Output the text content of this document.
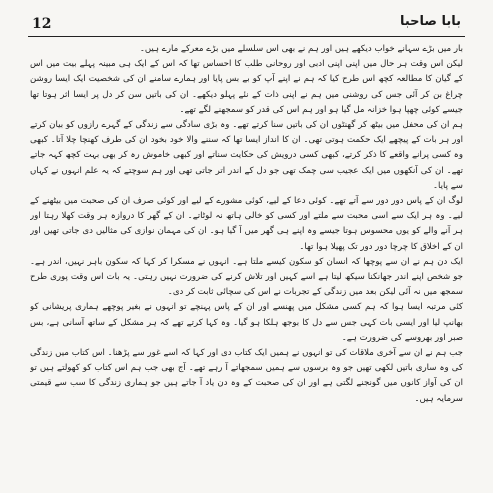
12	بابا صاحبا

بار میں بڑے سہانے خواب دیکھے ہیں اور ہم نے بھی اس سلسلے میں بڑے معرکے مارے ہیں۔

لیکن اس وقت ہر حال میں اپنی اپنی ادبی اور روحانی طلب کا احساس تھا کہ اس کے ایک ہی مبینہ پہلے بیت میں اس کے گیان کا مطالعہ کچھ اس طرح کیا کہ ہم نے اپنے آپ کو بے بس پایا اور ہمارے سامنے ان کی شخصیت ایک ایسا روشن چراغ بن کر آئی جس کی روشنی میں ہم نے اپنی ذات کے نئے پہلو دیکھے۔ ان کی باتیں سن کر دل پر ایسا اثر ہوتا تھا جیسے کوئی چھپا ہوا خزانہ مل گیا ہو اور ہم اس کی قدر کو سمجھنے لگے تھے۔

ہم ان کی محفل میں بیٹھ کر گھنٹوں ان کی باتیں سنا کرتے تھے۔ وہ بڑی سادگی سے زندگی کے گہرے رازوں کو بیان کرتے اور ہر بات کے پیچھے ایک حکمت ہوتی تھی۔ ان کا انداز ایسا تھا کہ سننے والا خود بخود ان کی طرف کھنچا چلا آتا۔ کبھی وہ کسی پرانے واقعے کا ذکر کرتے، کبھی کسی درویش کی حکایت سناتے اور کبھی خاموش رہ کر بھی بہت کچھ کہہ جاتے تھے۔ ان کی آنکھوں میں ایک عجیب سی چمک تھی جو دل کے اندر اتر جاتی تھی اور ہم سوچتے کہ یہ علم انہوں نے کہاں سے پایا۔

لوگ ان کے پاس دور دور سے آتے تھے۔ کوئی دعا کے لیے، کوئی مشورے کے لیے اور کوئی صرف ان کی صحبت میں بیٹھنے کے لیے۔ وہ ہر ایک سے اسی محبت سے ملتے اور کسی کو خالی ہاتھ نہ لوٹاتے۔ ان کے گھر کا دروازہ ہر وقت کھلا رہتا اور ہر آنے والے کو یوں محسوس ہوتا جیسے وہ اپنے ہی گھر میں آ گیا ہو۔ ان کی مہمان نوازی کی مثالیں دی جاتی تھیں اور ان کے اخلاق کا چرچا دور دور تک پھیلا ہوا تھا۔

ایک دن ہم نے ان سے پوچھا کہ انسان کو سکون کیسے ملتا ہے۔ انہوں نے مسکرا کر کہا کہ سکون باہر نہیں، اندر ہے۔ جو شخص اپنے اندر جھانکنا سیکھ لیتا ہے اسے کہیں اور تلاش کرنے کی ضرورت نہیں رہتی۔ یہ بات اس وقت پوری طرح سمجھ میں نہ آئی لیکن بعد میں زندگی کے تجربات نے اس کی سچائی ثابت کر دی۔

کئی مرتبہ ایسا ہوا کہ ہم کسی مشکل میں پھنسے اور ان کے پاس پہنچے تو انہوں نے بغیر پوچھے ہماری پریشانی کو بھانپ لیا اور ایسی بات کہی جس سے دل کا بوجھ ہلکا ہو گیا۔ وہ کہا کرتے تھے کہ ہر مشکل کے ساتھ آسانی ہے، بس صبر اور بھروسے کی ضرورت ہے۔

جب ہم نے ان سے آخری ملاقات کی تو انہوں نے ہمیں ایک کتاب دی اور کہا کہ اسے غور سے پڑھنا۔ اس کتاب میں زندگی کی وہ ساری باتیں لکھی تھیں جو وہ برسوں سے ہمیں سمجھاتے آ رہے تھے۔ آج بھی جب ہم اس کتاب کو کھولتے ہیں تو ان کی آواز کانوں میں گونجنے لگتی ہے اور ان کی صحبت کے وہ دن یاد آ جاتے ہیں جو ہماری زندگی کا سب سے قیمتی سرمایہ ہیں۔
